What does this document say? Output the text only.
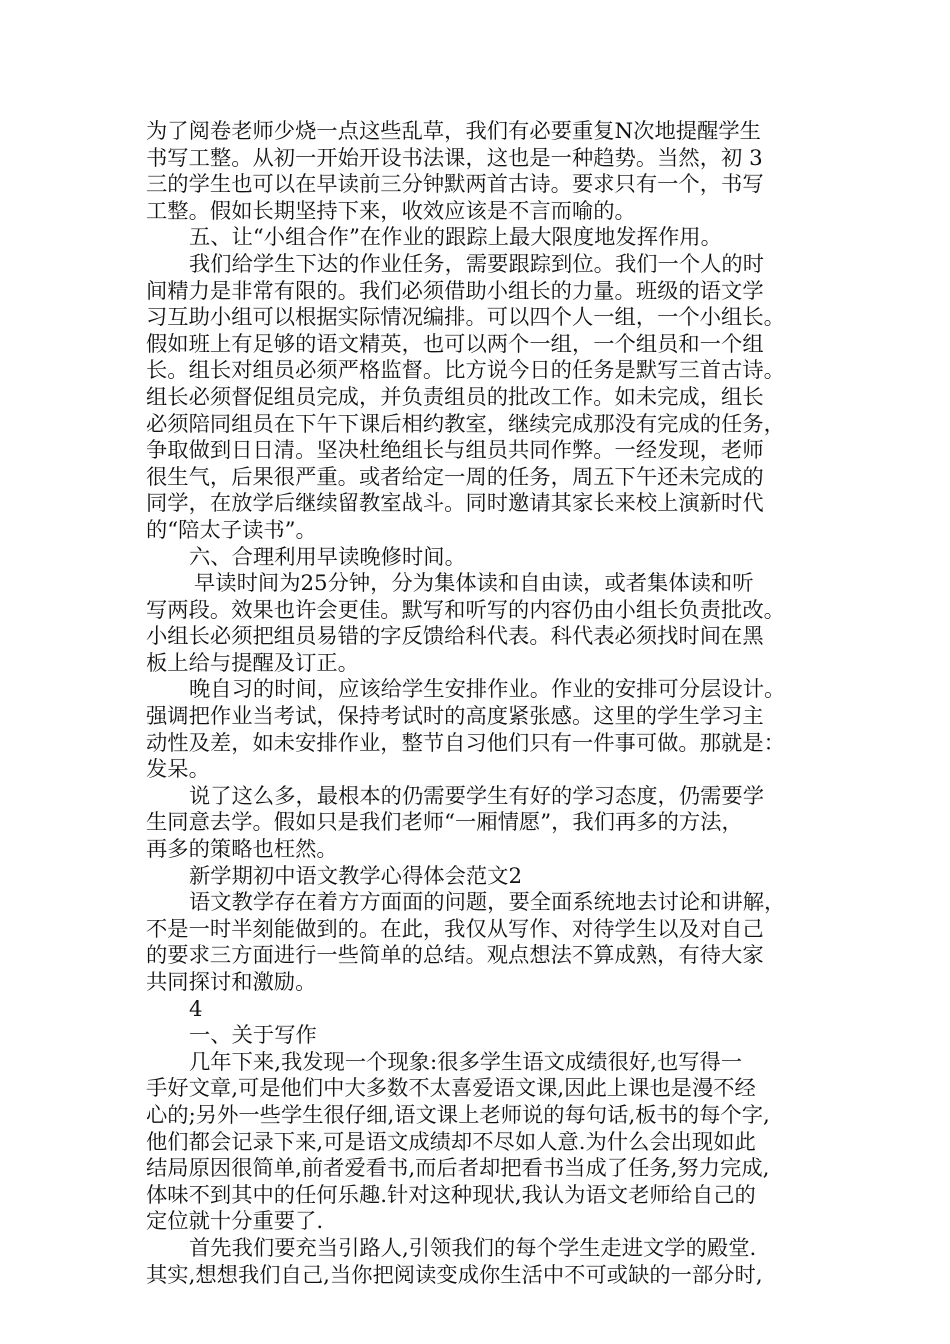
为了阅卷老师少烧一点这些乱草，我们有必要重复N次地提醒学生
书写工整。从初一开始开设书法课，这也是一种趋势。当然，初 3
三的学生也可以在早读前三分钟默两首古诗。要求只有一个，书写
工整。假如长期坚持下来，收效应该是不言而喻的。
五、让“小组合作”在作业的跟踪上最大限度地发挥作用。
我们给学生下达的作业任务，需要跟踪到位。我们一个人的时
间精力是非常有限的。我们必须借助小组长的力量。班级的语文学
习互助小组可以根据实际情况编排。可以四个人一组，一个小组长。
假如班上有足够的语文精英，也可以两个一组，一个组员和一个组
长。组长对组员必须严格监督。比方说今日的任务是默写三首古诗。
组长必须督促组员完成，并负责组员的批改工作。如未完成，组长
必须陪同组员在下午下课后相约教室，继续完成那没有完成的任务，
争取做到日日清。坚决杜绝组长与组员共同作弊。一经发现，老师
很生气，后果很严重。或者给定一周的任务，周五下午还未完成的
同学，在放学后继续留教室战斗。同时邀请其家长来校上演新时代
的“陪太子读书”。
六、合理利用早读晚修时间。
早读时间为25分钟，分为集体读和自由读，或者集体读和听
写两段。效果也许会更佳。默写和听写的内容仍由小组长负责批改。
小组长必须把组员易错的字反馈给科代表。科代表必须找时间在黑
板上给与提醒及订正。
晚自习的时间，应该给学生安排作业。作业的安排可分层设计。
强调把作业当考试，保持考试时的高度紧张感。这里的学生学习主
动性及差，如未安排作业，整节自习他们只有一件事可做。那就是：
发呆。
说了这么多，最根本的仍需要学生有好的学习态度，仍需要学
生同意去学。假如只是我们老师“一厢情愿”，我们再多的方法，
再多的策略也枉然。
新学期初中语文教学心得体会范文2
语文教学存在着方方面面的问题，要全面系统地去讨论和讲解，
不是一时半刻能做到的。在此，我仅从写作、对待学生以及对自己
的要求三方面进行一些简单的总结。观点想法不算成熟，有待大家
共同探讨和激励。
4
一、关于写作
几年下来,我发现一个现象:很多学生语文成绩很好,也写得一
手好文章,可是他们中大多数不太喜爱语文课,因此上课也是漫不经
心的;另外一些学生很仔细,语文课上老师说的每句话,板书的每个字,
他们都会记录下来,可是语文成绩却不尽如人意.为什么会出现如此
结局原因很简单,前者爱看书,而后者却把看书当成了任务,努力完成,
体味不到其中的任何乐趣.针对这种现状,我认为语文老师给自己的
定位就十分重要了.
首先我们要充当引路人,引领我们的每个学生走进文学的殿堂.
其实,想想我们自己,当你把阅读变成你生活中不可或缺的一部分时,
